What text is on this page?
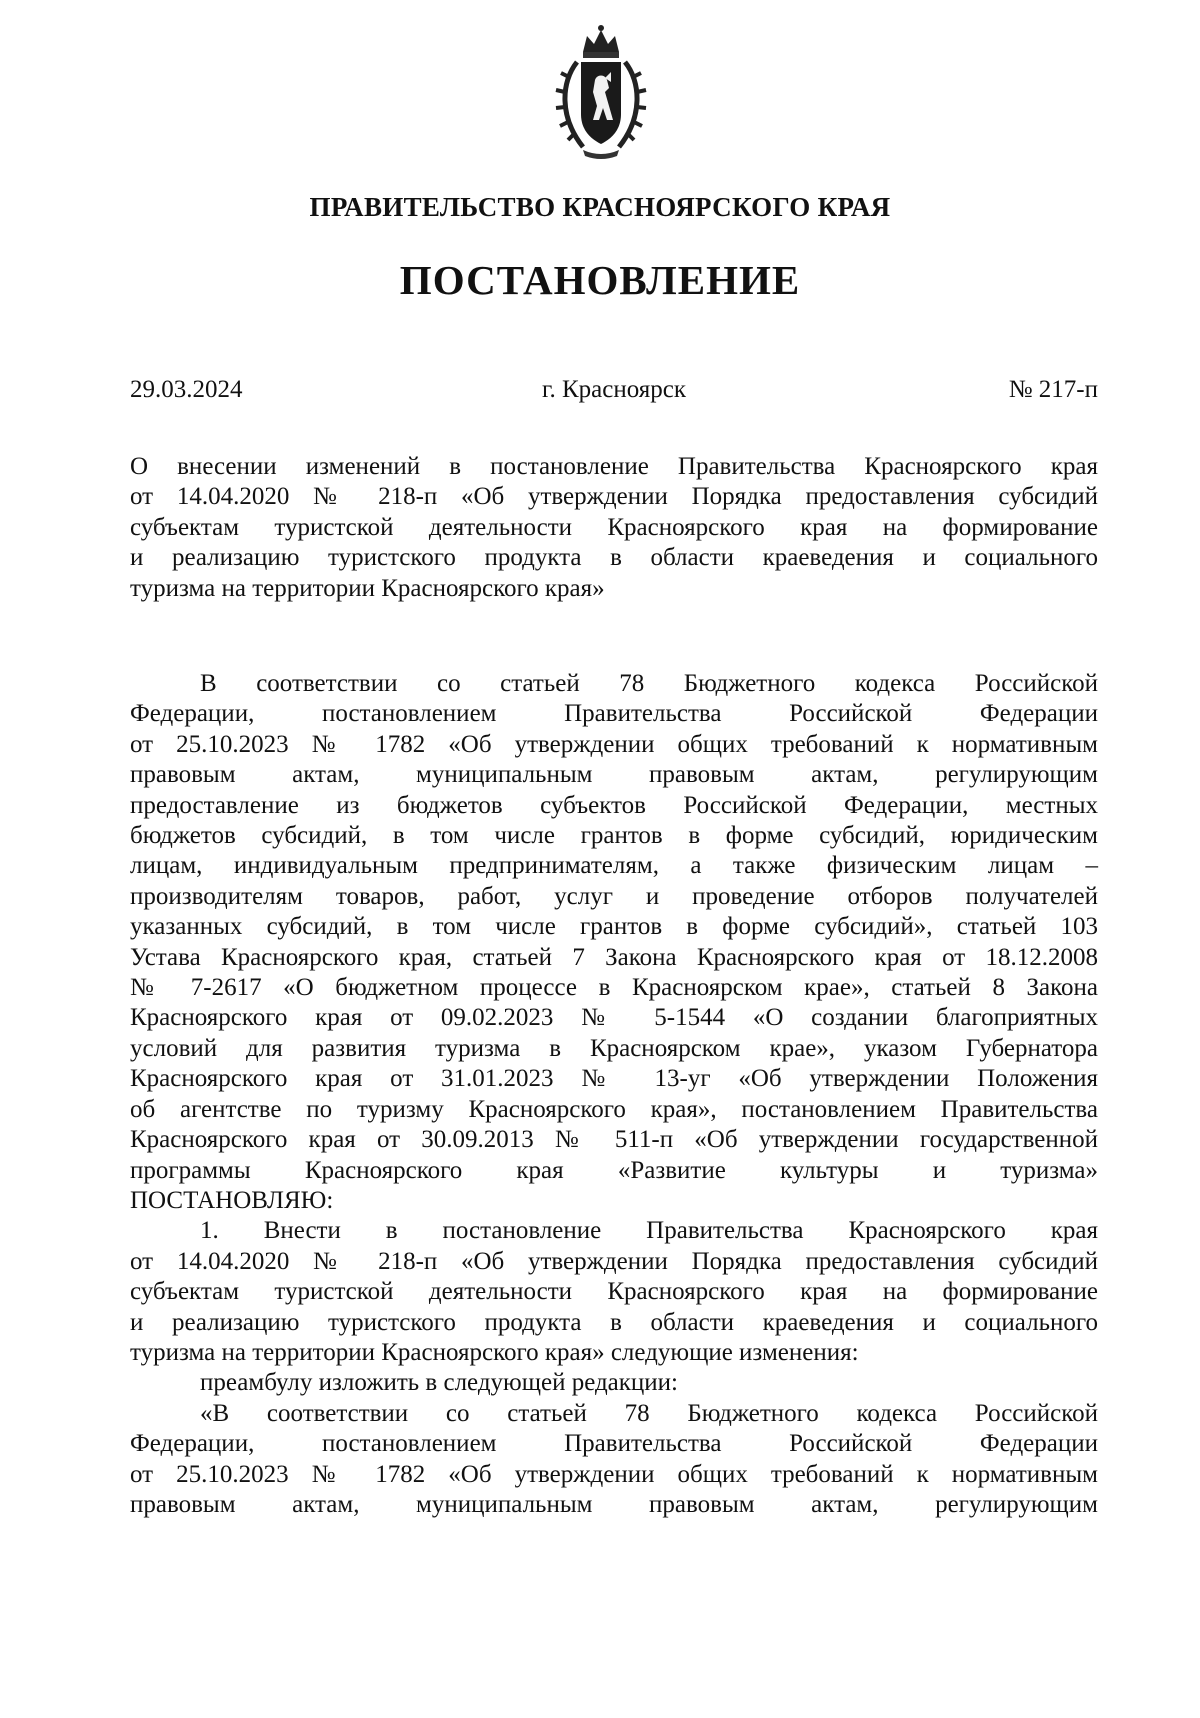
ПРАВИТЕЛЬСТВО КРАСНОЯРСКОГО КРАЯ
ПОСТАНОВЛЕНИЕ
29.03.2024	г. Красноярск	№ 217-п
О внесении изменений в постановление Правительства Красноярского края
от 14.04.2020 № 218-п «Об утверждении Порядка предоставления субсидий
субъектам туристской деятельности Красноярского края на формирование
и реализацию туристского продукта в области краеведения и социального
туризма на территории Красноярского края»
В соответствии со статьей 78 Бюджетного кодекса Российской
Федерации, постановлением Правительства Российской Федерации
от 25.10.2023 № 1782 «Об утверждении общих требований к нормативным
правовым актам, муниципальным правовым актам, регулирующим
предоставление из бюджетов субъектов Российской Федерации, местных
бюджетов субсидий, в том числе грантов в форме субсидий, юридическим
лицам, индивидуальным предпринимателям, а также физическим лицам –
производителям товаров, работ, услуг и проведение отборов получателей
указанных субсидий, в том числе грантов в форме субсидий», статьей 103
Устава Красноярского края, статьей 7 Закона Красноярского края от 18.12.2008
№ 7-2617 «О бюджетном процессе в Красноярском крае», статьей 8 Закона
Красноярского края от 09.02.2023 № 5-1544 «О создании благоприятных
условий для развития туризма в Красноярском крае», указом Губернатора
Красноярского края от 31.01.2023 № 13-уг «Об утверждении Положения
об агентстве по туризму Красноярского края», постановлением Правительства
Красноярского края от 30.09.2013 № 511-п «Об утверждении государственной
программы Красноярского края «Развитие культуры и туризма»
ПОСТАНОВЛЯЮ:
1. Внести в постановление Правительства Красноярского края
от 14.04.2020 № 218-п «Об утверждении Порядка предоставления субсидий
субъектам туристской деятельности Красноярского края на формирование
и реализацию туристского продукта в области краеведения и социального
туризма на территории Красноярского края» следующие изменения:
преамбулу изложить в следующей редакции:
«В соответствии со статьей 78 Бюджетного кодекса Российской
Федерации, постановлением Правительства Российской Федерации
от 25.10.2023 № 1782 «Об утверждении общих требований к нормативным
правовым актам, муниципальным правовым актам, регулирующим
